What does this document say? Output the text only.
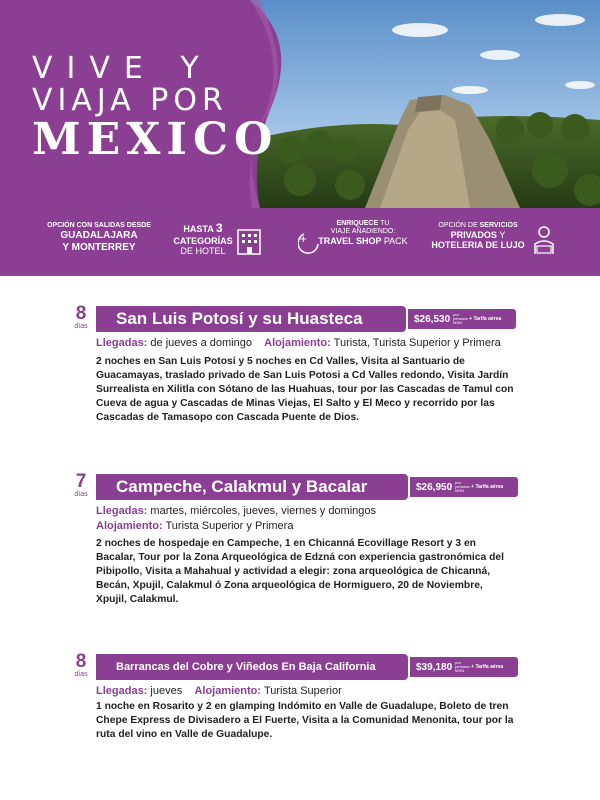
VIVE Y
VIAJA POR
MEXICO
OPCIÓN CON SALIDAS DESDE
GUADALAJARA
Y MONTERREY
HASTA 3
CATEGORÍAS
DE HOTEL
+
ENRIQUECE TU
VIAJE AÑADIENDO:
TRAVEL SHOP PACK
OPCIÓN DE SERVICIOS
PRIVADOS Y
HOTELERIA DE LUJO
8
días	San Luis Potosí y su Huasteca	$26,530 por persona MXN
+ Tarifa aérea
Llegadas: de jueves a domingo Alojamiento: Turista, Turista Superior y Primera
2 noches en San Luis Potosí y 5 noches en Cd Valles, Visita al Santuario de Guacamayas, traslado privado de San Luis Potosi a Cd Valles redondo, Visita Jardín Surrealista en Xilitla con Sótano de las Huahuas, tour por las Cascadas de Tamul con Cueva de agua y Cascadas de Minas Viejas, El Salto y El Meco y recorrido por las Cascadas de Tamasopo con Cascada Puente de Dios.
7
días	Campeche, Calakmul y Bacalar	$26,950 por persona MXN
+ Tarifa aérea
Llegadas: martes, miércoles, jueves, viernes y domingos
Alojamiento: Turista Superior y Primera
2 noches de hospedaje en Campeche, 1 en Chicanná Ecovillage Resort y 3 en Bacalar, Tour por la Zona Arqueológica de Edzná con experiencia gastronómica del Pibipollo, Visita a Mahahual y actividad a elegir: zona arqueológica de Chicanná, Becán, Xpujil, Calakmul ó Zona arqueológica de Hormiguero, 20 de Noviembre, Xpujil, Calakmul.
8
días
Barrancas del Cobre y Viñedos En Baja California	$39,180 por persona MXN
+ Tarifa aérea
Llegadas: jueves Alojamiento: Turista Superior
1 noche en Rosarito y 2 en glamping Indómito en Valle de Guadalupe, Boleto de tren Chepe Express de Divisadero a El Fuerte, Visita a la Comunidad Menonita, tour por la ruta del vino en Valle de Guadalupe.
